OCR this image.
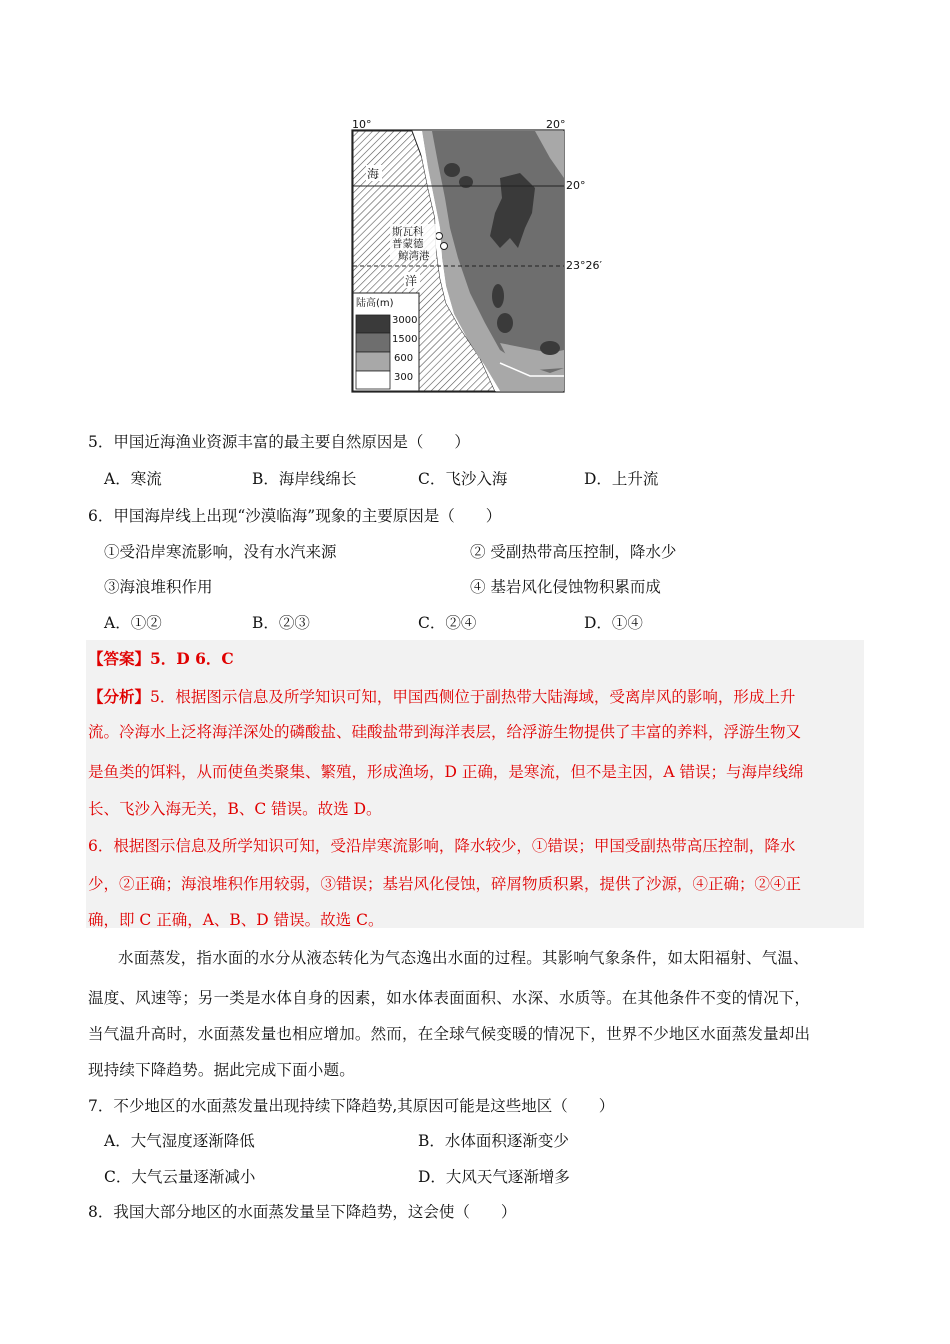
10°	20°
20°
23°26′
海
洋
斯瓦科
普蒙德
鲸湾港
陆高(m)
3000
1500
600
300
5．甲国近海渔业资源丰富的最主要自然原因是（　　）
A．寒流	B．海岸线绵长	C．飞沙入海	D．上升流
6．甲国海岸线上出现“沙漠临海”现象的主要原因是（　　）
①受沿岸寒流影响，没有水汽来源	② 受副热带高压控制，降水少
③海浪堆积作用	④ 基岩风化侵蚀物积累而成
A．①②	B．②③	C．②④	D．①④
【答案】5．D 6．C
【分析】5．根据图示信息及所学知识可知，甲国西侧位于副热带大陆海域，受离岸风的影响，形成上升
流。冷海水上泛将海洋深处的磷酸盐、硅酸盐带到海洋表层，给浮游生物提供了丰富的养料，浮游生物又
是鱼类的饵料，从而使鱼类聚集、繁殖，形成渔场，D 正确，是寒流，但不是主因，A 错误；与海岸线绵
长、飞沙入海无关，B、C 错误。故选 D。
6．根据图示信息及所学知识可知，受沿岸寒流影响，降水较少，①错误；甲国受副热带高压控制，降水
少，②正确；海浪堆积作用较弱，③错误；基岩风化侵蚀，碎屑物质积累，提供了沙源，④正确；②④正
确，即 C 正确，A、B、D 错误。故选 C。
水面蒸发，指水面的水分从液态转化为气态逸出水面的过程。其影响气象条件，如太阳福射、气温、
温度、风速等；另一类是水体自身的因素，如水体表面面积、水深、水质等。在其他条件不变的情况下，
当气温升高时，水面蒸发量也相应增加。然而，在全球气候变暖的情况下，世界不少地区水面蒸发量却出
现持续下降趋势。据此完成下面小题。
7．不少地区的水面蒸发量出现持续下降趋势,其原因可能是这些地区（　　）
A．大气湿度逐渐降低	B．水体面积逐渐变少
C．大气云量逐渐减小	D．大风天气逐渐增多
8．我国大部分地区的水面蒸发量呈下降趋势，这会使（　　）
